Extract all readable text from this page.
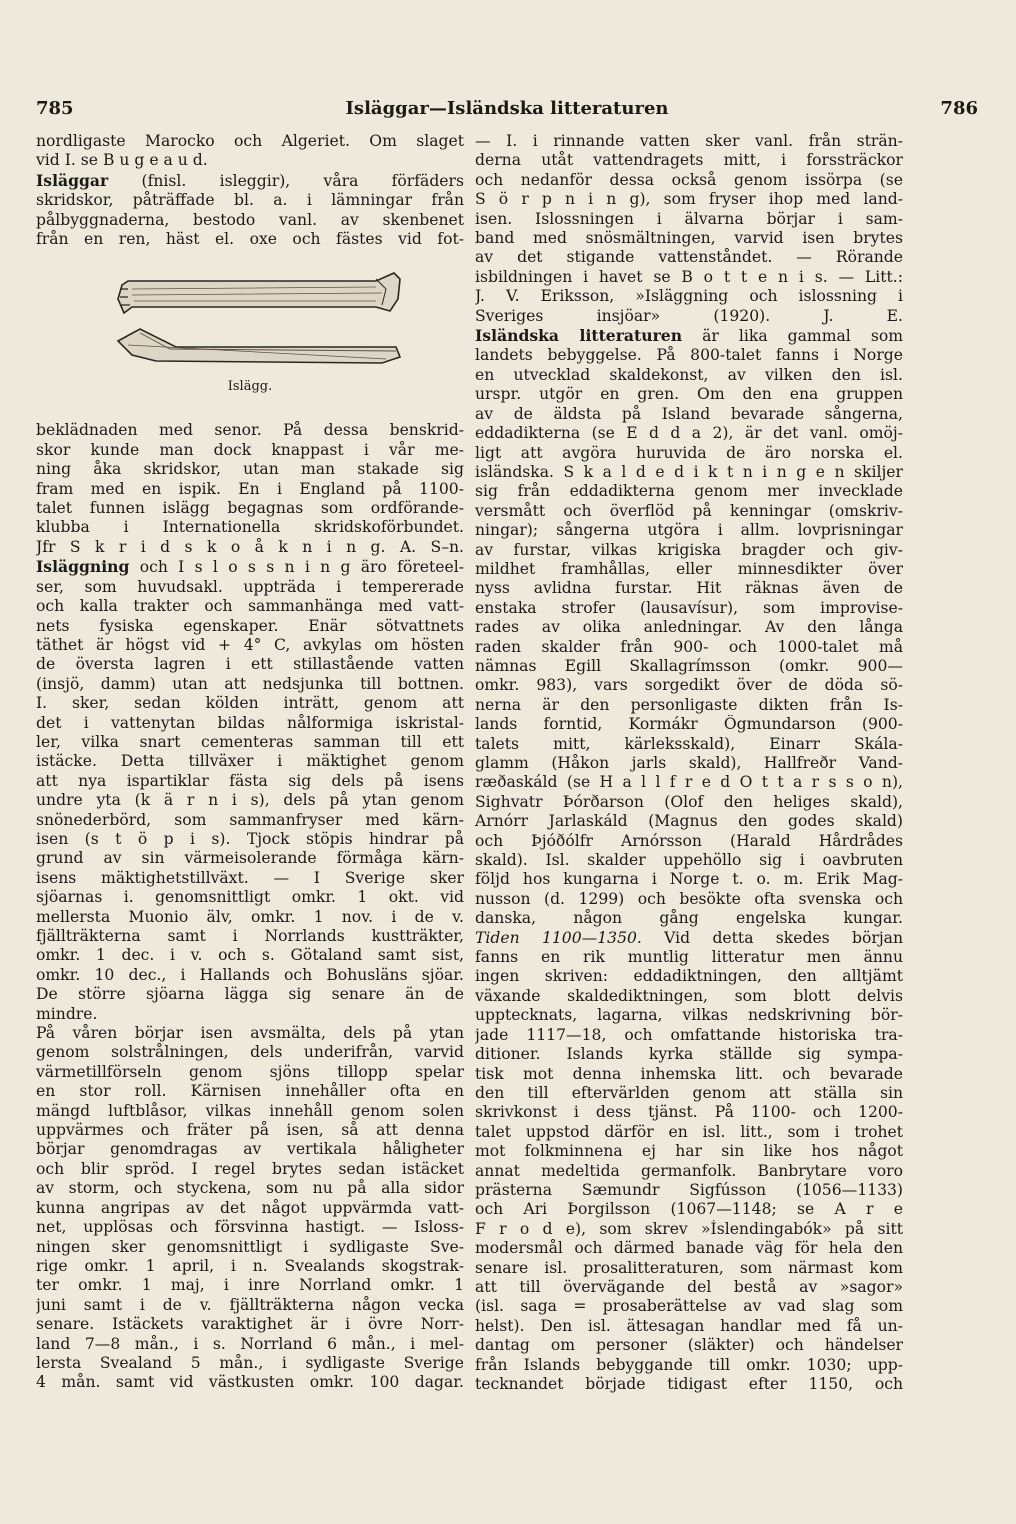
785	Isläggar—Isländska litteraturen	786
nordligaste Marocko och Algeriet. Om slaget
vid I. se B u g e a u d.
Isläggar (fnisl. isleggir), våra förfäders
skridskor, påträffade bl. a. i lämningar från
pålbyggnaderna, bestodo vanl. av skenbenet
från en ren, häst el. oxe och fästes vid fot-
Islägg.
beklädnaden med senor. På dessa benskrid-
skor kunde man dock knappast i vår me-
ning åka skridskor, utan man stakade sig
fram med en ispik. En i England på 1100-
talet funnen islägg begagnas som ordförande-
klubba i Internationella skridskoförbundet.
Jfr S k r i d s k o å k n i n g. A. S–n.
Isläggning och I s l o s s n i n g äro företeel-
ser, som huvudsakl. uppträda i tempererade
och kalla trakter och sammanhänga med vatt-
nets fysiska egenskaper. Enär sötvattnets
täthet är högst vid + 4° C, avkylas om hösten
de översta lagren i ett stillastående vatten
(insjö, damm) utan att nedsjunka till bottnen.
I. sker, sedan kölden inträtt, genom att
det i vattenytan bildas nålformiga iskristal-
ler, vilka snart cementeras samman till ett
istäcke. Detta tillväxer i mäktighet genom
att nya ispartiklar fästa sig dels på isens
undre yta (k ä r n i s), dels på ytan genom
snönederbörd, som sammanfryser med kärn-
isen (s t ö p i s). Tjock stöpis hindrar på
grund av sin värmeisolerande förmåga kärn-
isens mäktighetstillväxt. — I Sverige sker
sjöarnas i. genomsnittligt omkr. 1 okt. vid
mellersta Muonio älv, omkr. 1 nov. i de v.
fjällträkterna samt i Norrlands kustträkter,
omkr. 1 dec. i v. och s. Götaland samt sist,
omkr. 10 dec., i Hallands och Bohusläns sjöar.
De större sjöarna lägga sig senare än de
mindre.
På våren börjar isen avsmälta, dels på ytan
genom solstrålningen, dels underifrån, varvid
värmetillförseln genom sjöns tillopp spelar
en stor roll. Kärnisen innehåller ofta en
mängd luftblåsor, vilkas innehåll genom solen
uppvärmes och fräter på isen, så att denna
börjar genomdragas av vertikala håligheter
och blir spröd. I regel brytes sedan istäcket
av storm, och styckena, som nu på alla sidor
kunna angripas av det något uppvärmda vatt-
net, upplösas och försvinna hastigt. — Isloss-
ningen sker genomsnittligt i sydligaste Sve-
rige omkr. 1 april, i n. Svealands skogstrak-
ter omkr. 1 maj, i inre Norrland omkr. 1
juni samt i de v. fjällträkterna någon vecka
senare. Istäckets varaktighet är i övre Norr-
land 7—8 mån., i s. Norrland 6 mån., i mel-
lersta Svealand 5 mån., i sydligaste Sverige
4 mån. samt vid västkusten omkr. 100 dagar.
— I. i rinnande vatten sker vanl. från strän-
derna utåt vattendragets mitt, i forssträckor
och nedanför dessa också genom issörpa (se
S ö r p n i n g), som fryser ihop med land-
isen. Islossningen i älvarna börjar i sam-
band med snösmältningen, varvid isen brytes
av det stigande vattenståndet. — Rörande
isbildningen i havet se B o t t e n i s. — Litt.:
J. V. Eriksson, »Isläggning och islossning i
Sveriges insjöar» (1920). J. E.
Isländska litteraturen är lika gammal som
landets bebyggelse. På 800-talet fanns i Norge
en utvecklad skaldekonst, av vilken den isl.
urspr. utgör en gren. Om den ena gruppen
av de äldsta på Island bevarade sångerna,
eddadikterna (se E d d a 2), är det vanl. omöj-
ligt att avgöra huruvida de äro norska el.
isländska. S k a l d e d i k t n i n g e n skiljer
sig från eddadikterna genom mer invecklade
versmått och överflöd på kenningar (omskriv-
ningar); sångerna utgöra i allm. lovprisningar
av furstar, vilkas krigiska bragder och giv-
mildhet framhållas, eller minnesdikter över
nyss avlidna furstar. Hit räknas även de
enstaka strofer (lausavísur), som improvise-
rades av olika anledningar. Av den långa
raden skalder från 900- och 1000-talet må
nämnas Egill Skallagrímsson (omkr. 900—
omkr. 983), vars sorgedikt över de döda sö-
nerna är den personligaste dikten från Is-
lands forntid, Kormákr Ögmundarson (900-
talets mitt, kärleksskald), Einarr Skála-
glamm (Håkon jarls skald), Hallfreðr Vand-
ræðaskáld (se H a l l f r e d O t t a r s s o n),
Sighvatr Þórðarson (Olof den heliges skald),
Arnórr Jarlaskáld (Magnus den godes skald)
och Þjóðólfr Arnórsson (Harald Hårdrådes
skald). Isl. skalder uppehöllo sig i oavbruten
följd hos kungarna i Norge t. o. m. Erik Mag-
nusson (d. 1299) och besökte ofta svenska och
danska, någon gång engelska kungar.
Tiden 1100—1350. Vid detta skedes början
fanns en rik muntlig litteratur men ännu
ingen skriven: eddadiktningen, den alltjämt
växande skaldediktningen, som blott delvis
upptecknats, lagarna, vilkas nedskrivning bör-
jade 1117—18, och omfattande historiska tra-
ditioner. Islands kyrka ställde sig sympa-
tisk mot denna inhemska litt. och bevarade
den till eftervärlden genom att ställa sin
skrivkonst i dess tjänst. På 1100- och 1200-
talet uppstod därför en isl. litt., som i trohet
mot folkminnena ej har sin like hos något
annat medeltida germanfolk. Banbrytare voro
prästerna Sæmundr Sigfússon (1056—1133)
och Ari Þorgilsson (1067—1148; se A r e
F r o d e), som skrev »Íslendingabók» på sitt
modersmål och därmed banade väg för hela den
senare isl. prosalitteraturen, som närmast kom
att till övervägande del bestå av »sagor»
(isl. saga = prosaberättelse av vad slag som
helst). Den isl. ättesagan handlar med få un-
dantag om personer (släkter) och händelser
från Islands bebyggande till omkr. 1030; upp-
tecknandet började tidigast efter 1150, och
